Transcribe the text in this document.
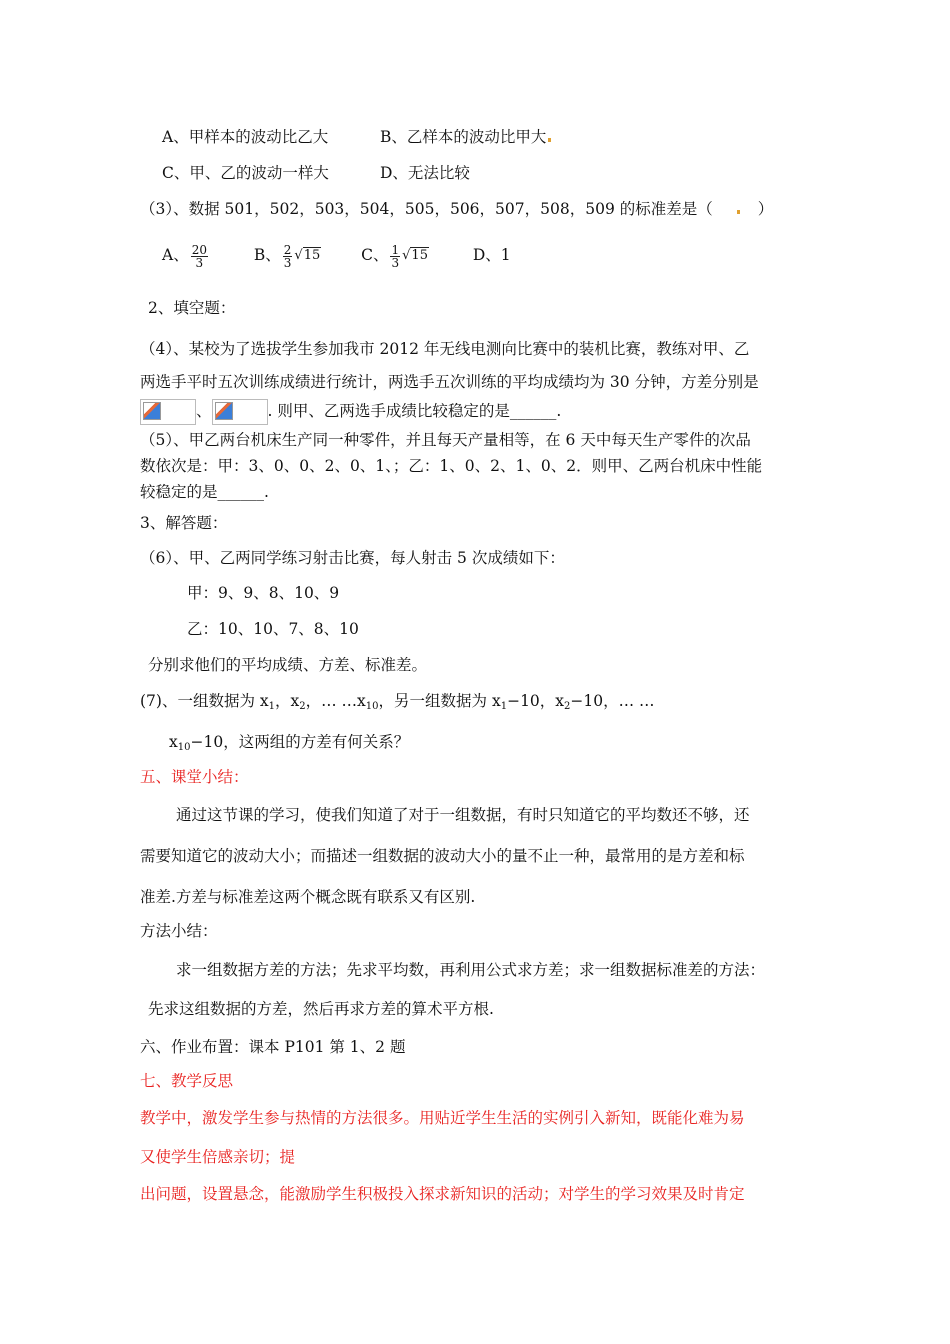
A、甲样本的波动比乙大	B、乙样本的波动比甲大
C、甲、乙的波动一样大	D、无法比较
（3）、数据 501，502，503，504，505，506，507，508，509 的标准差是（	）
A、 $\frac{20}{3}$	B、 $\frac{2}{3} √15$	C、 $\frac{1}{3} √15$	D、1
2、填空题：
（4）、某校为了选拔学生参加我市 2012 年无线电测向比赛中的装机比赛，教练对甲、乙
两选手平时五次训练成绩进行统计，两选手五次训练的平均成绩均为 30 分钟，方差分别是
、	. 则甲、乙两选手成绩比较稳定的是______.
（5）、甲乙两台机床生产同一种零件，并且每天产量相等，在 6 天中每天生产零件的次品
数依次是：甲：3、0、0、2、0、1、；乙：1、0、2、1、0、2．则甲、乙两台机床中性能
较稳定的是______.
3、解答题：
（6）、甲、乙两同学练习射击比赛，每人射击 5 次成绩如下：
甲：9、9、8、10、9
乙：10、10、7、8、10
分别求他们的平均成绩、方差、标准差。
(7)、一组数据为 $x_1$，$x_2$，… $\dots x_{10}$，另一组数据为 $x_1-10$，$x_2-10$，… …
$x_{10}-10$，这两组的方差有何关系？
五、课堂小结：
通过这节课的学习，使我们知道了对于一组数据，有时只知道它的平均数还不够，还
需要知道它的波动大小；而描述一组数据的波动大小的量不止一种，最常用的是方差和标
准差.方差与标准差这两个概念既有联系又有区别.
方法小结：
求一组数据方差的方法；先求平均数，再利用公式求方差；求一组数据标准差的方法：
先求这组数据的方差，然后再求方差的算术平方根.
六、作业布置：课本 P101 第 1、2 题
七、教学反思
教学中，激发学生参与热情的方法很多。用贴近学生生活的实例引入新知，既能化难为易
又使学生倍感亲切；提
出问题，设置悬念，能激励学生积极投入探求新知识的活动；对学生的学习效果及时肯定
